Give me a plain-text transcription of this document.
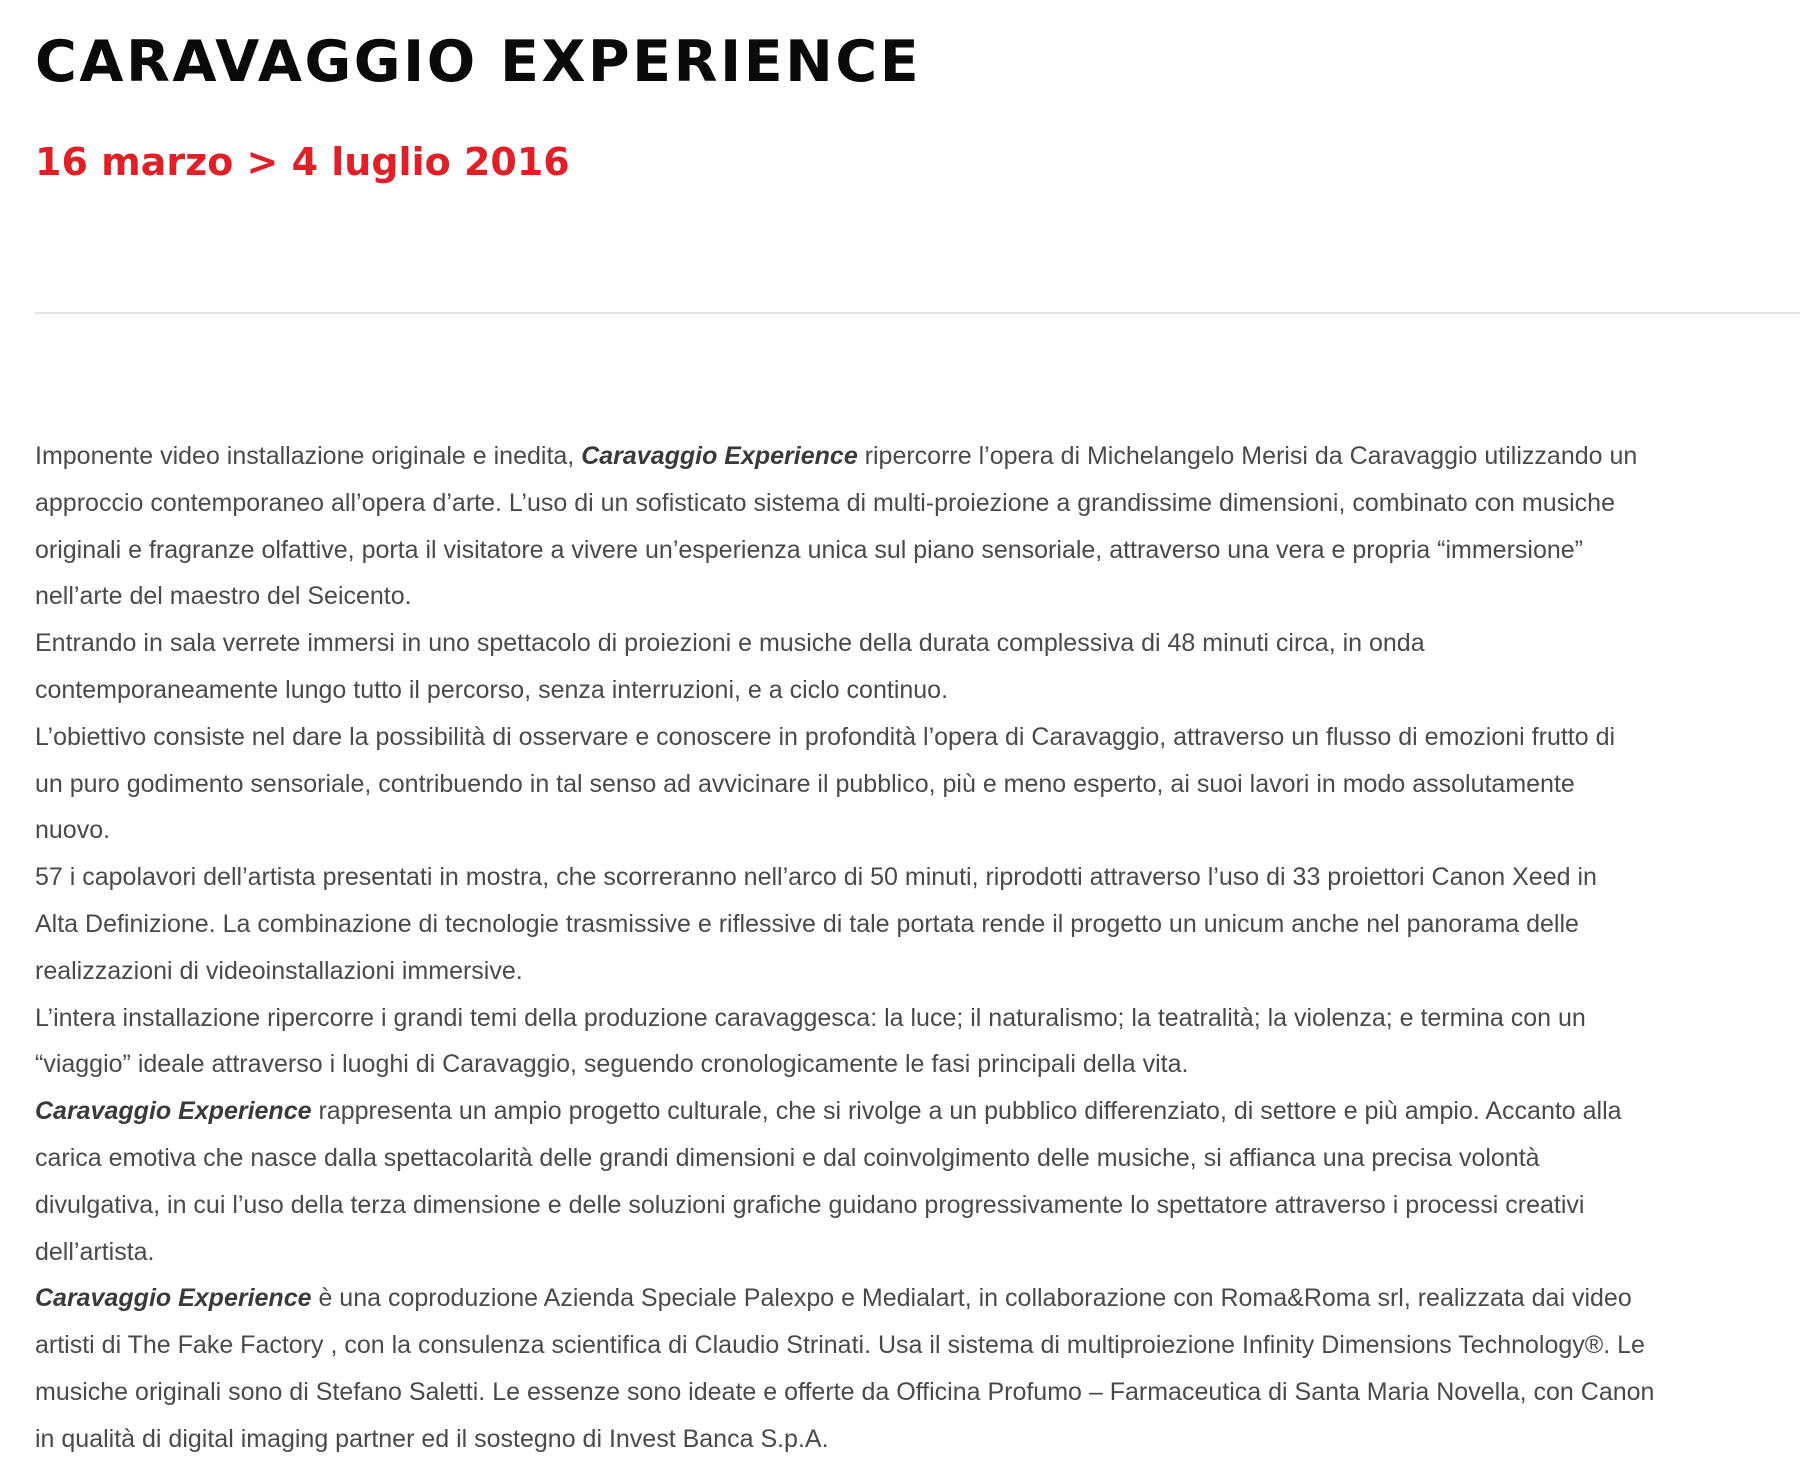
CARAVAGGIO EXPERIENCE
16 marzo > 4 luglio 2016
Imponente video installazione originale e inedita, Caravaggio Experience ripercorre l’opera di Michelangelo Merisi da Caravaggio utilizzando un
approccio contemporaneo all’opera d’arte. L’uso di un sofisticato sistema di multi-proiezione a grandissime dimensioni, combinato con musiche
originali e fragranze olfattive, porta il visitatore a vivere un’esperienza unica sul piano sensoriale, attraverso una vera e propria “immersione”
nell’arte del maestro del Seicento.
Entrando in sala verrete immersi in uno spettacolo di proiezioni e musiche della durata complessiva di 48 minuti circa, in onda
contemporaneamente lungo tutto il percorso, senza interruzioni, e a ciclo continuo.
L’obiettivo consiste nel dare la possibilità di osservare e conoscere in profondità l’opera di Caravaggio, attraverso un flusso di emozioni frutto di
un puro godimento sensoriale, contribuendo in tal senso ad avvicinare il pubblico, più e meno esperto, ai suoi lavori in modo assolutamente
nuovo.
57 i capolavori dell’artista presentati in mostra, che scorreranno nell’arco di 50 minuti, riprodotti attraverso l’uso di 33 proiettori Canon Xeed in
Alta Definizione. La combinazione di tecnologie trasmissive e riflessive di tale portata rende il progetto un unicum anche nel panorama delle
realizzazioni di videoinstallazioni immersive.
L’intera installazione ripercorre i grandi temi della produzione caravaggesca: la luce; il naturalismo; la teatralità; la violenza; e termina con un
“viaggio” ideale attraverso i luoghi di Caravaggio, seguendo cronologicamente le fasi principali della vita.
Caravaggio Experience rappresenta un ampio progetto culturale, che si rivolge a un pubblico differenziato, di settore e più ampio. Accanto alla
carica emotiva che nasce dalla spettacolarità delle grandi dimensioni e dal coinvolgimento delle musiche, si affianca una precisa volontà
divulgativa, in cui l’uso della terza dimensione e delle soluzioni grafiche guidano progressivamente lo spettatore attraverso i processi creativi
dell’artista.
Caravaggio Experience è una coproduzione Azienda Speciale Palexpo e Medialart, in collaborazione con Roma&Roma srl, realizzata dai video
artisti di The Fake Factory , con la consulenza scientifica di Claudio Strinati. Usa il sistema di multiproiezione Infinity Dimensions Technology®. Le
musiche originali sono di Stefano Saletti. Le essenze sono ideate e offerte da Officina Profumo – Farmaceutica di Santa Maria Novella, con Canon
in qualità di digital imaging partner ed il sostegno di Invest Banca S.p.A.
